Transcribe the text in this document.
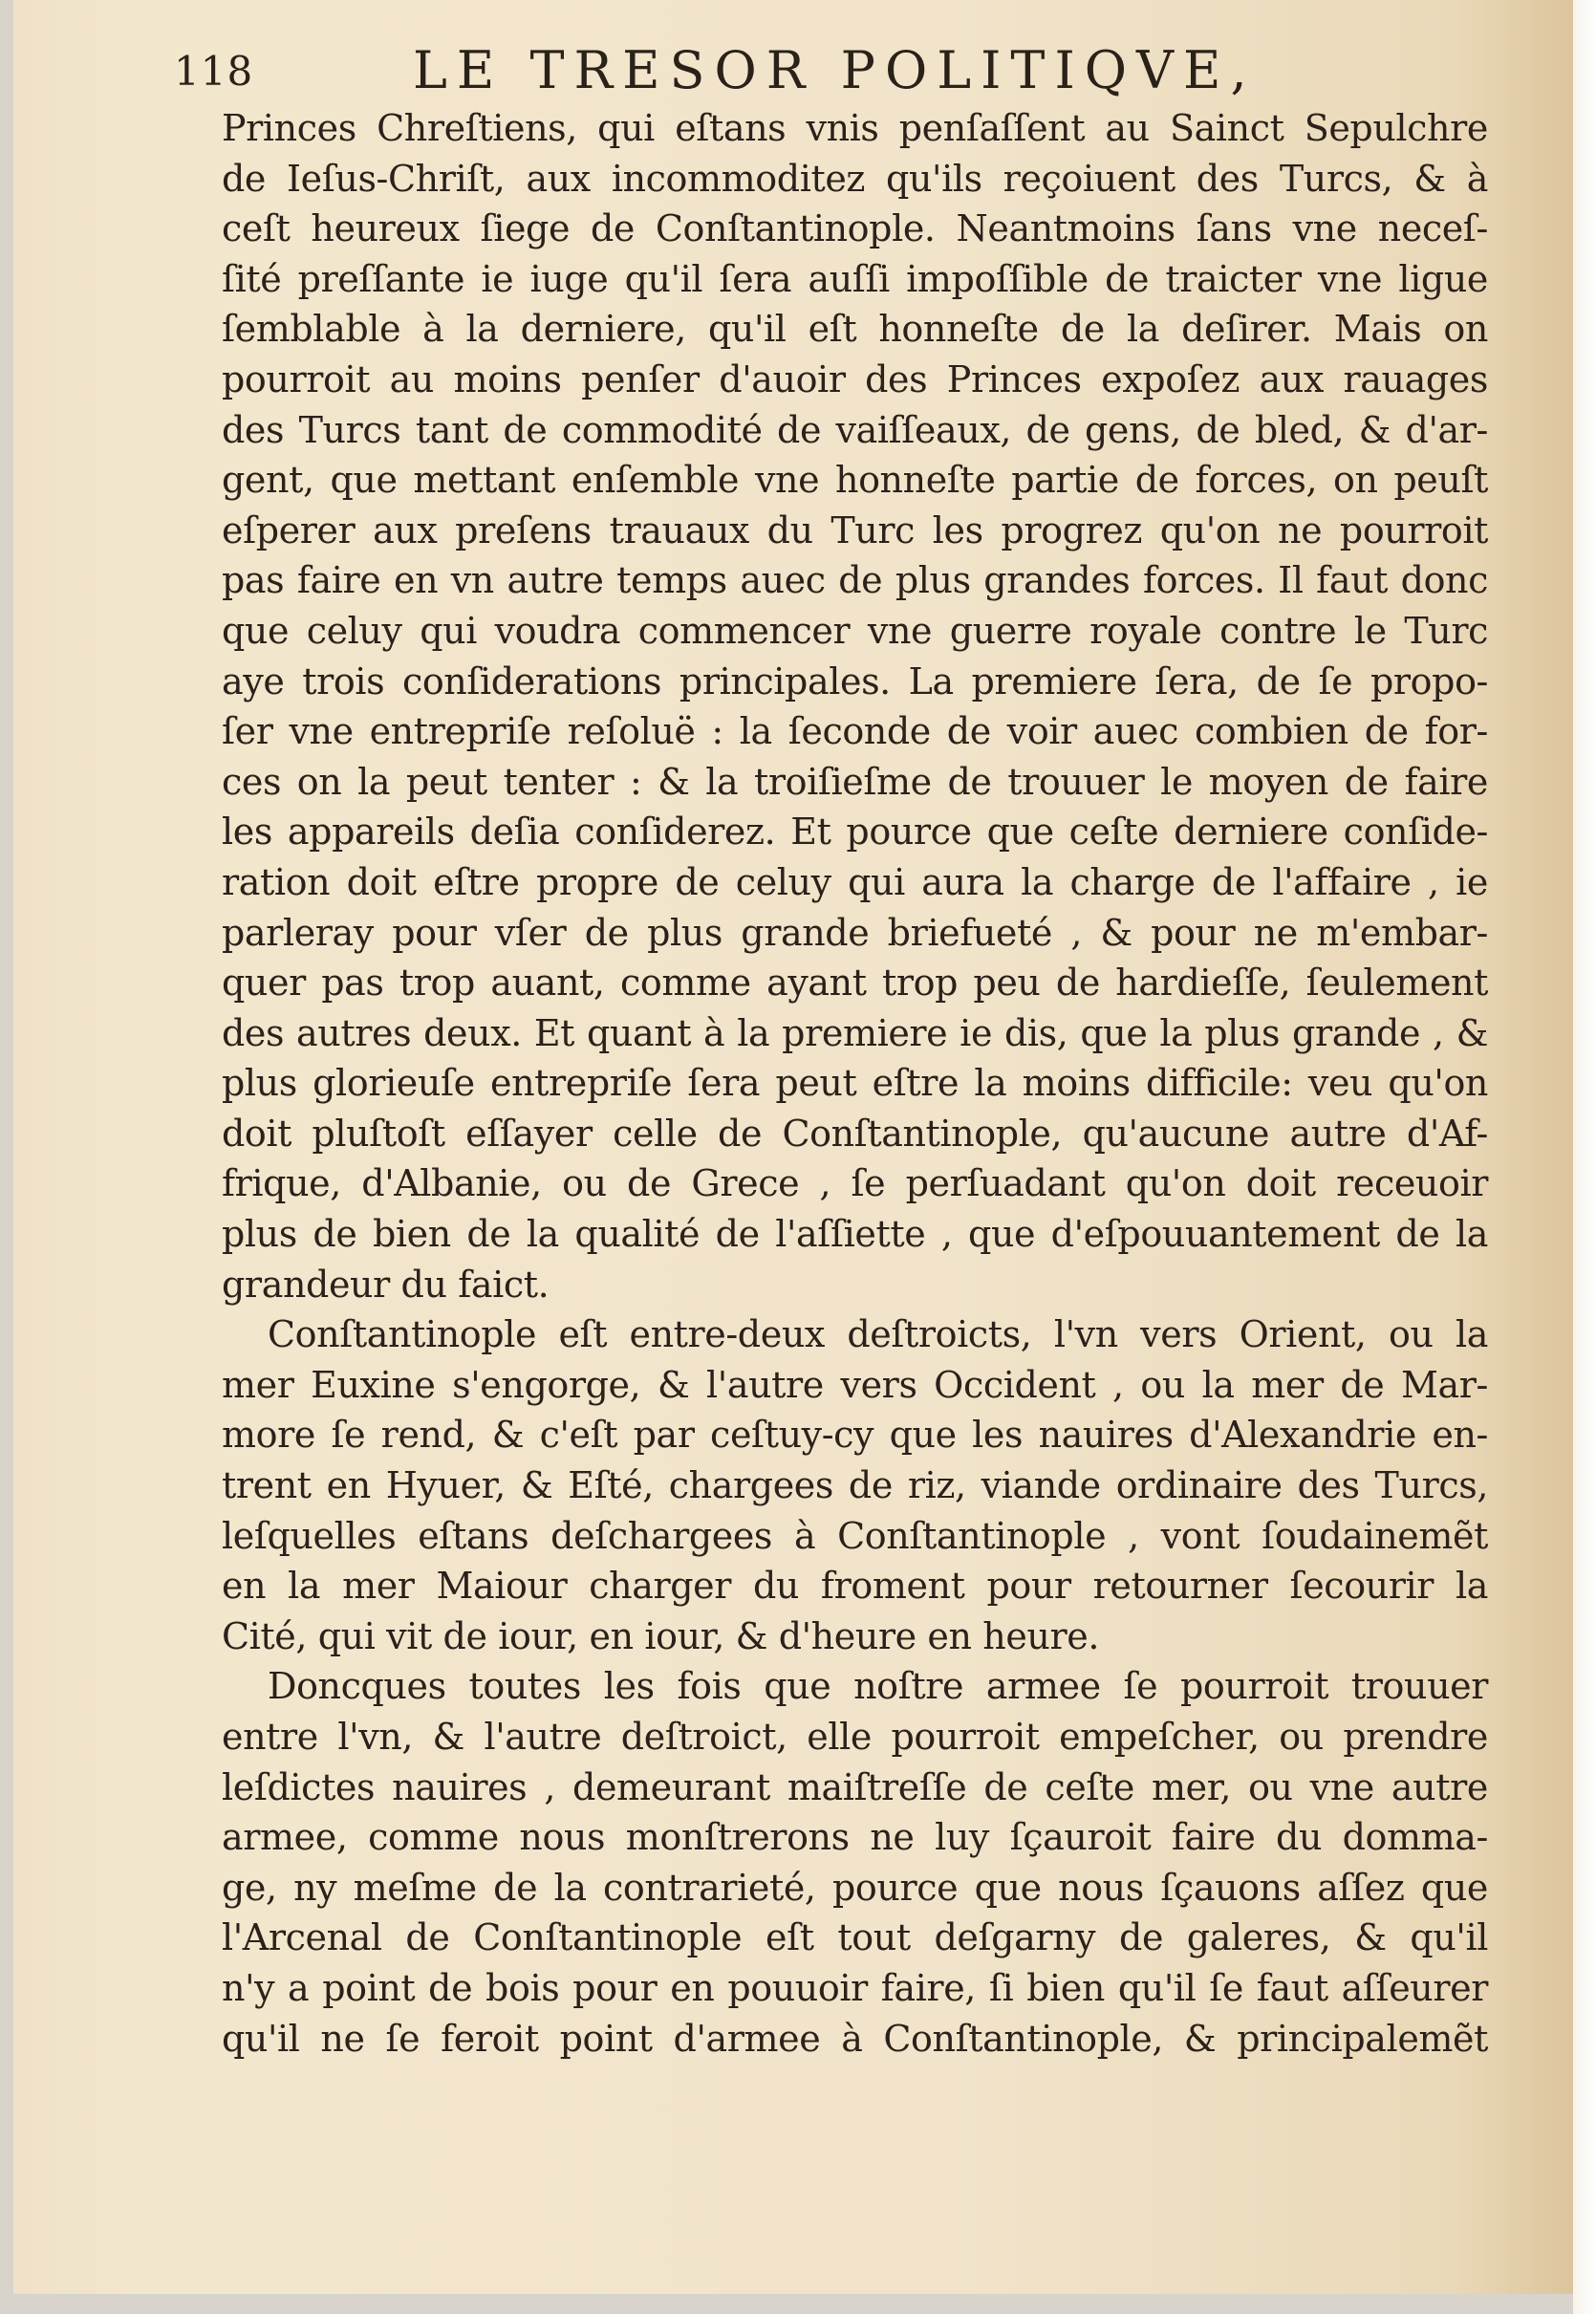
118	LE TRESOR POLITIQVE,
Princes Chreſtiens, qui eſtans vnis penſaſſent au Sainct Sepulchre
de Ieſus-Chriſt, aux incommoditez qu'ils reçoiuent des Turcs, & à
ceſt heureux ſiege de Conſtantinople. Neantmoins ſans vne neceſ-
ſité preſſante ie iuge qu'il ſera auſſi impoſſible de traicter vne ligue
ſemblable à la derniere, qu'il eſt honneſte de la deſirer. Mais on
pourroit au moins penſer d'auoir des Princes expoſez aux rauages
des Turcs tant de commodité de vaiſſeaux, de gens, de bled, & d'ar-
gent, que mettant enſemble vne honneſte partie de forces, on peuſt
eſperer aux preſens trauaux du Turc les progrez qu'on ne pourroit
pas faire en vn autre temps auec de plus grandes forces. Il faut donc
que celuy qui voudra commencer vne guerre royale contre le Turc
aye trois conſiderations principales. La premiere ſera, de ſe propo-
ſer vne entrepriſe reſoluë : la ſeconde de voir auec combien de for-
ces on la peut tenter : & la troiſieſme de trouuer le moyen de faire
les appareils deſia conſiderez. Et pource que ceſte derniere conſide-
ration doit eſtre propre de celuy qui aura la charge de l'affaire , ie
parleray pour vſer de plus grande briefueté , & pour ne m'embar-
quer pas trop auant, comme ayant trop peu de hardieſſe, ſeulement
des autres deux. Et quant à la premiere ie dis, que la plus grande , &
plus glorieuſe entrepriſe ſera peut eſtre la moins difficile: veu qu'on
doit pluſtoſt eſſayer celle de Conſtantinople, qu'aucune autre d'Af-
frique, d'Albanie, ou de Grece , ſe perſuadant qu'on doit receuoir
plus de bien de la qualité de l'aſſiette , que d'eſpouuantement de la
grandeur du faict.
Conſtantinople eſt entre-deux deſtroicts, l'vn vers Orient, ou la
mer Euxine s'engorge, & l'autre vers Occident , ou la mer de Mar-
more ſe rend, & c'eſt par ceſtuy-cy que les nauires d'Alexandrie en-
trent en Hyuer, & Eſté, chargees de riz, viande ordinaire des Turcs,
leſquelles eſtans deſchargees à Conſtantinople , vont ſoudainemẽt
en la mer Maiour charger du froment pour retourner ſecourir la
Cité, qui vit de iour, en iour, & d'heure en heure.
Doncques toutes les fois que noſtre armee ſe pourroit trouuer
entre l'vn, & l'autre deſtroict, elle pourroit empeſcher, ou prendre
leſdictes nauires , demeurant maiſtreſſe de ceſte mer, ou vne autre
armee, comme nous monſtrerons ne luy ſçauroit faire du domma-
ge, ny meſme de la contrarieté, pource que nous ſçauons aſſez que
l'Arcenal de Conſtantinople eſt tout deſgarny de galeres, & qu'il
n'y a point de bois pour en pouuoir faire, ſi bien qu'il ſe faut aſſeurer
qu'il ne ſe feroit point d'armee à Conſtantinople, & principalemẽt
